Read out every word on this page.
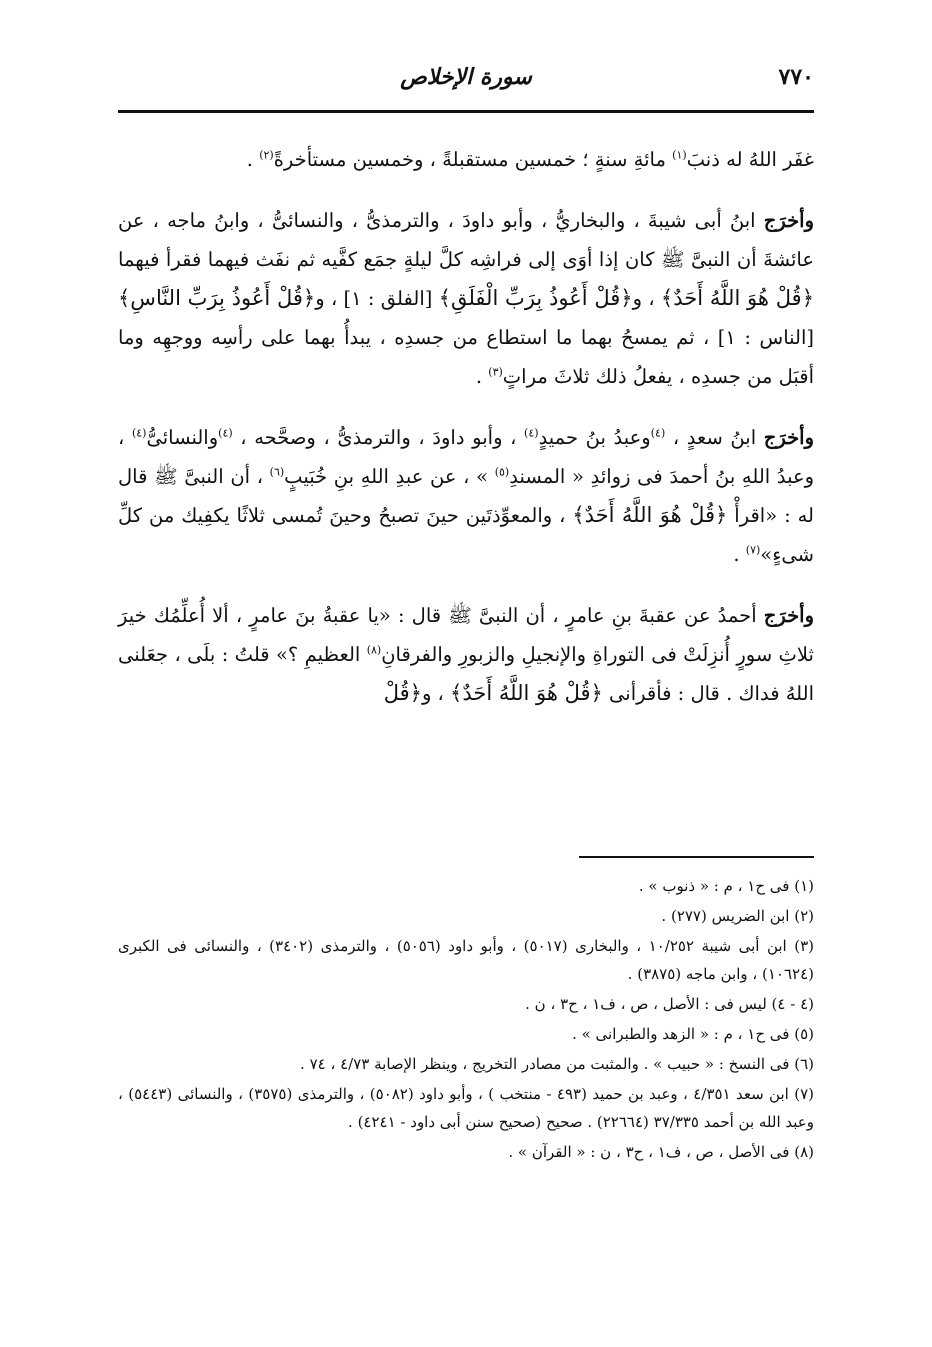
٧٧٠
سورة الإخلاص

غفَر اللهُ له ذنبَ$^{(١)}$ مائةِ سنةٍ ؛ خمسين مستقبلةً ، وخمسين مستأخرةً$^{(٢)}$ .

وأخرَج ابنُ أبى شيبةَ ، والبخاريُّ ، وأبو داودَ ، والترمذىُّ ، والنسائىُّ ، وابنُ ماجه ، عن عائشةَ أن النبىَّ ﷺ كان إذا أوَى إلى فراشِه كلَّ ليلةٍ جمَع كفَّيه ثم نفَث فيهما فقرأ فيهما ﴿قُلْ هُوَ اللَّهُ أَحَدٌ﴾ ، و﴿قُلْ أَعُوذُ بِرَبِّ الْفَلَقِ﴾ [الفلق : ١] ، و﴿قُلْ أَعُوذُ بِرَبِّ النَّاسِ﴾ [الناس : ١] ، ثم يمسحُ بهما ما استطاع من جسدِه ، يبدأُ بهما على رأسِه ووجهِه وما أقبَل من جسدِه ، يفعلُ ذلك ثلاثَ مراتٍ$^{(٣)}$ .

وأخرَج ابنُ سعدٍ ، $^{(٤)}$وعبدُ بنُ حميدٍ$^{(٤)}$ ، وأبو داودَ ، والترمذىُّ ، وصحَّحه ، $^{(٤)}$والنسائىُّ$^{(٤)}$ ، وعبدُ اللهِ بنُ أحمدَ فى زوائدِ « المسندِ$^{(٥)}$ » ، عن عبدِ اللهِ بنِ خُبَيبٍ$^{(٦)}$ ، أن النبىَّ ﷺ قال له : «اقرأْ ﴿قُلْ هُوَ اللَّهُ أَحَدٌ﴾ ، والمعوِّذتَين حينَ تصبحُ وحينَ تُمسى ثلاثًا يكفِيك من كلِّ شىءٍ»$^{(٧)}$ .

وأخرَج أحمدُ عن عقبةَ بنِ عامرٍ ، أن النبىَّ ﷺ قال : «يا عقبةُ بنَ عامرٍ ، ألا أُعلِّمُك خيرَ ثلاثِ سورٍ أُنزِلَتْ فى التوراةِ والإنجيلِ والزبورِ والفرقانِ$^{(٨)}$ العظيمِ ؟» قلتُ : بلَى ، جعَلنى اللهُ فداك . قال : فأقرأنى ﴿قُلْ هُوَ اللَّهُ أَحَدٌ﴾ ، و﴿قُلْ

(١) فى ح١ ، م : « ذنوب » .
(٢) ابن الضريس (٢٧٧) .
(٣) ابن أبى شيبة ١٠/٢٥٢ ، والبخارى (٥٠١٧) ، وأبو داود (٥٠٥٦) ، والترمذى (٣٤٠٢) ، والنسائى فى الكبرى (١٠٦٢٤) ، وابن ماجه (٣٨٧٥) .
(٤ - ٤) ليس فى : الأصل ، ص ، ف١ ، ح٣ ، ن .
(٥) فى ح١ ، م : « الزهد والطبرانى » .
(٦) فى النسخ : « حبيب » . والمثبت من مصادر التخريج ، وينظر الإصابة ٤/٧٣ ، ٧٤ .
(٧) ابن سعد ٤/٣٥١ ، وعبد بن حميد (٤٩٣ - منتخب ) ، وأبو داود (٥٠٨٢) ، والترمذى (٣٥٧٥) ، والنسائى (٥٤٤٣) ، وعبد الله بن أحمد ٣٧/٣٣٥ (٢٢٦٦٤) . صحيح (صحيح سنن أبى داود - ٤٢٤١) .
(٨) فى الأصل ، ص ، ف١ ، ح٣ ، ن : « القرآن » .
